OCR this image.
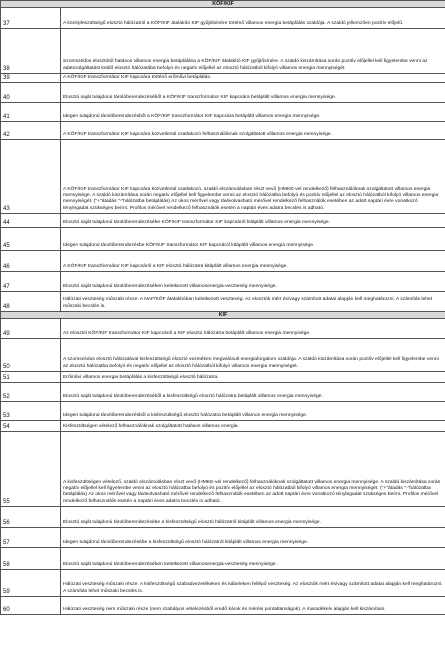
KÖF/KIF	
37	A középfeszültségű elosztó hálózatról a KÖF/KIF átalakító KIF gyűjtősínére történő villamos energia betáplálás szaldója. A szaldó jellemzően pozitív előjelű.
38	Szomszédos elosztótól hatásos villamos energia betáplálása a KÖF/KIF átalakító KIF gyűjtősínére. A szaldó kiszámítása során pozitív előjellel kell figyelembe venni az adatszolgáltatást küldő elosztó hálózatába befolyó és negatív előjellel az elosztó hálózatból kifolyó villamos energia mennyiségét.
39	A KÖF/KIF transzformátor KIF kapcsára történő erőművi betáplálás.
40	Elosztó saját tulajdonú tárolóberendezéséből a KÖF/KIF transzformátor KIF kapcsára betáplált villamos energia mennyisége.
41	Idegen tulajdonú tárolóberendezésből a KÖF/KIF transzformátor KIF kapcsára betáplált villamos energia mennyisége.
42	A KÖF/KIF transzformátor KIF kapcsára közvetlenül csatlakozó felhasználóknak szolgáltatott villamos energia mennyisége.
43	A KÖF/KIF transzformátor KIF kapcsára közvetlenül csatlakozó, szaldó elszámolásban részt vevő (HMKE-vel rendelkező) felhasználóknak szolgáltatott villamos energia mennyisége. A szaldó kiszámítása során negatív előjellel kell figyelembe venni az elosztó hálózatba befolyó és pozitív előjellel az elosztó hálózatból kifolyó villamos energia mennyiségét. ("+"átadás "-"hálózatba betáplálás) Az okos mérővel vagy távleolvasható mérővel rendelkező felhasználók esetében az adott naptári évre vonatkozó ténylegadat szükséges beírni. Profilos mérővel rendelkező felhasználók esetén a naptári éves adatra becslés is adható.
44	Elosztó saját tulajdonú tárolóberendezésébe KÖF/KIF transzformátor KIF kapcsáról kitáplált villamos energia mennyisége.
45	Idegen tulajdonú tárolóberendezésbe KÖF/KIF transzformátor KIF kapcsáról kitáplált villamos energia mennyisége.
46	A KÖF/KIF transzformátor KIF kapcsáról a KIF elosztó hálózatra kitáplált villamos energia mennyisége.
47	Elosztó saját tulajdonú tárolóberendezésében keletkezett villamosenergia-veszteség mennyisége.
48	Hálózati veszteség műszaki része. A NAF/KÖF átalakítóban keletkezett veszteség. Az elosztók mért és/vagy számított adatai alapján kell meghatározni. A számítás lehet műszaki becslés is.
KIF	
49	Az elosztói KÖF/KIF transzformátor KIF kapcsáról a KIF elosztó hálózatra betáplált villamos energia mennyisége.
50	A szomszédos elosztó hálózatával kisfeszültségű elosztó vezetéken megvalósult energiaforgalom szaldója. A szaldó kiszámítása során pozitív előjellel kell figyelembe venni az elosztó hálózatba befolyó és negatív előjellel az elosztó hálózatból kifolyó villamos energia mennyiségét.
51	Erőművi villamos energia betáplálás a kisfeszültségű elosztó hálózatra.
52	Elosztó saját tulajdonú tárolóberendezéséből a kisfeszültségű elosztó hálózatra betáplált villamos energia mennyisége.
53	Idegen tulajdonú tárolóberendezésből a kisfeszültségű elosztó hálózatra betáplált villamos energia mennyisége.
54	Kisfeszültségen vételező felhasználóknak szolgáltatott hatásos villamos energia.
55	A kisfeszültségen vételező, szaldó elszámolásban részt vevő (HMKE-vel rendelkező) felhasználóknak szolgáltatott villamos energia mennyisége. A szaldó kiszámítása során negatív előjellel kell figyelembe venni az elosztó hálózatba befolyó és pozitív előjellel az elosztó hálózatból kifolyó villamos energia mennyiségét. ("+"átadás "-"hálózatba betáplálás) Az okos mérővel vagy távleolvasható mérővel rendelkező felhasználók esetében az adott naptári évre vonatkozó ténylegadat szükséges beírni. Profilos mérővel rendelkező felhasználók esetén a naptári éves adatra becslés is adható.
56	Elosztó saját tulajdonú tárolóberendezésébe a kisfeszültségű elosztó hálózatról kitáplált villamos energia mennyisége.
57	Idegen tulajdonú tárolóberendezésébe a kisfeszültségű elosztó hálózatról kitáplált villamos energia mennyisége.
58	Elosztó saját tulajdonú tárolóberendezésében keletkezett villamosenergia-veszteség mennyisége.
59	Hálózati veszteség műszaki része. A kisfeszültségű szabadvezetékeken és kábeleken fellépő veszteség. Az elosztók mért és/vagy számított adatai alapján kell meghatározni. A számítás lehet műszaki becslés is.
60	Hálózati veszteség nem műszaki része (nem szabályos vételezésből eredő károk és mérési pontatlanságok). A maradékelv alapján kell kiszámítani.
